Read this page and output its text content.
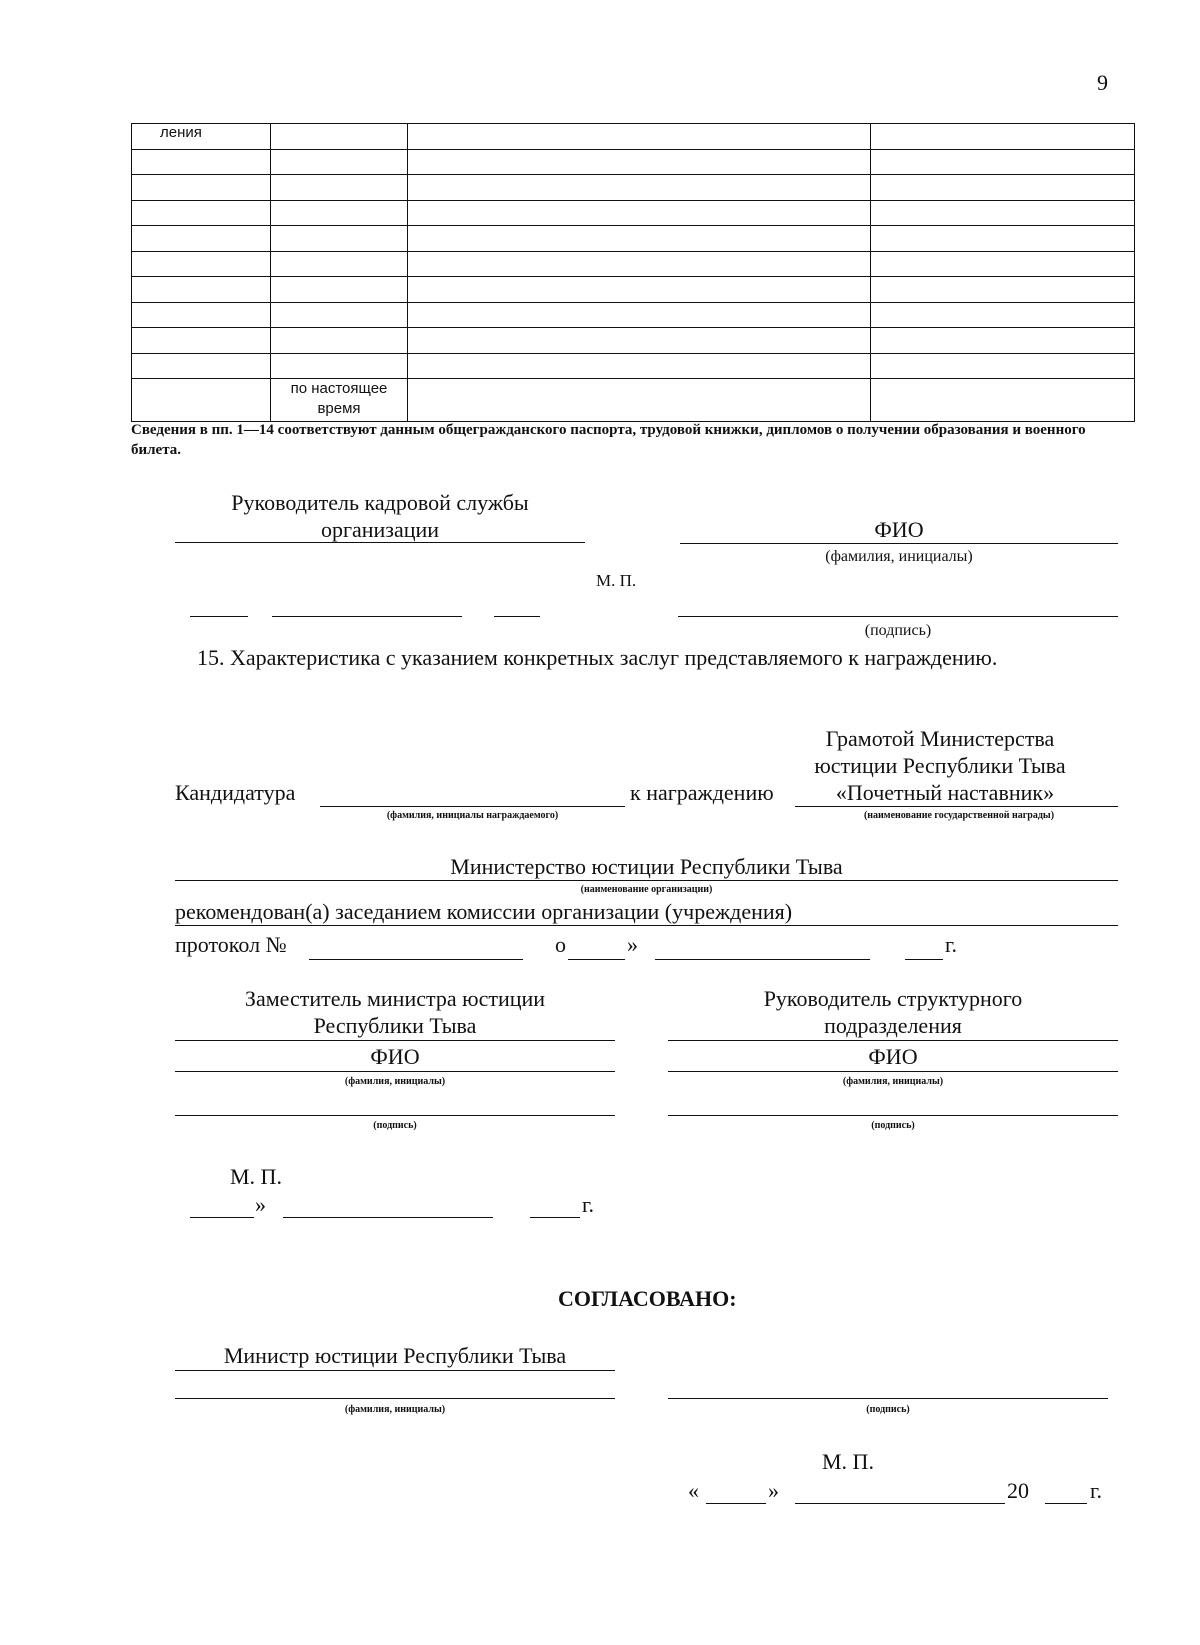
9
ления			

	по настоящее время		
Сведения в пп. 1—14 соответствуют данным общегражданского паспорта, трудовой книжки, дипломов о получении образования и военного билета.
Руководитель кадровой службы
организации	ФИО
(фамилия, инициалы)
М. П.
(подпись)
15. Характеристика с указанием конкретных заслуг представляемого к награждению.
Грамотой Министерства
юстиции Республики Тыва
Кандидатура
(фамилия, инициалы награждаемого)
к награждению	«Почетный наставник»
(наименование государственной награды)
Министерство юстиции Республики Тыва
(наименование организации)
рекомендован(а) заседанием комиссии организации (учреждения)
протокол №	о	»	г.
Заместитель министра юстиции
Республики Тыва
ФИО
(фамилия, инициалы)
(подпись)
Руководитель структурного
подразделения
ФИО
(фамилия, инициалы)
(подпись)
М. П.
»	г.
СОГЛАСОВАНО:
Министр юстиции Республики Тыва
(фамилия, инициалы)	(подпись)
М. П.
«	»	20	г.
